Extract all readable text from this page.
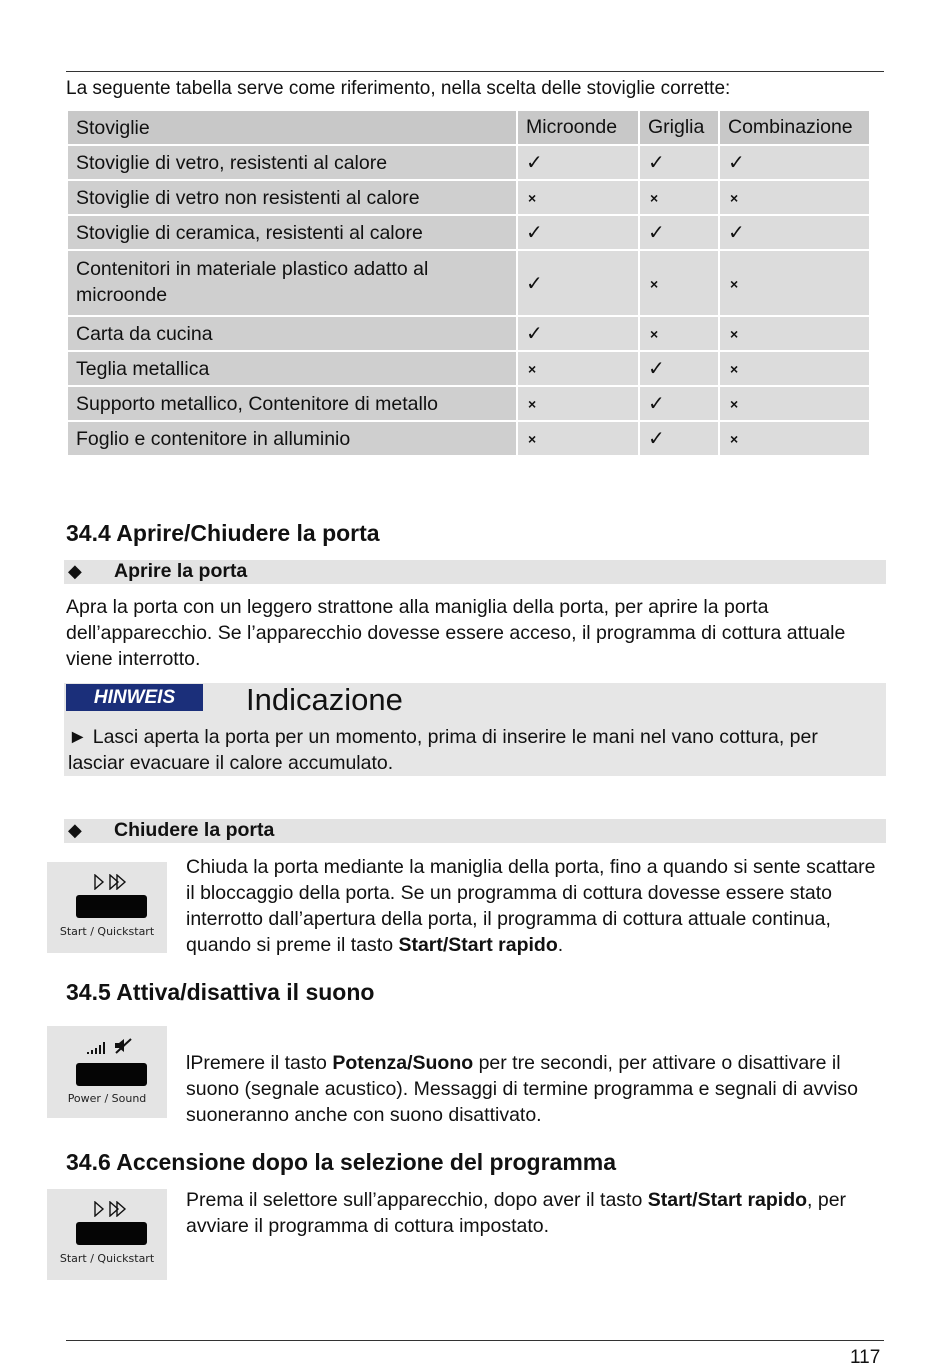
La seguente tabella serve come riferimento, nella scelta delle stoviglie corrette:
Stoviglie	Microonde	Griglia	Combinazione
Stoviglie di vetro, resistenti al calore	✓	✓	✓
Stoviglie di vetro non resistenti al calore	×	×	×
Stoviglie di ceramica, resistenti al calore	✓	✓	✓
Contenitori in materiale plastico adatto al microonde	✓	×	×
Carta da cucina	✓	×	×
Teglia metallica	×	✓	×
Supporto metallico, Contenitore di metallo	×	✓	×
Foglio e contenitore in alluminio	×	✓	×
34.4 Aprire/Chiudere la porta
◆ Aprire la porta
Apra la porta con un leggero strattone alla maniglia della porta, per aprire la porta dell’apparecchio. Se l’apparecchio dovesse essere acceso, il programma di cottura attuale viene interrotto.
HINWEIS	Indicazione
► Lasci aperta la porta per un momento, prima di inserire le mani nel vano cottura, per lasciar evacuare il calore accumulato.
◆ Chiudere la porta
Start / Quickstart
Chiuda la porta mediante la maniglia della porta, fino a quando si sente scattare il bloccaggio della porta. Se un programma di cottura dovesse essere stato interrotto dall’apertura della porta, il programma di cottura attuale continua, quando si preme il tasto Start/Start rapido.
34.5 Attiva/disattiva il suono
Power / Sound
lPremere il tasto Potenza/Suono per tre secondi, per attivare o disattivare il suono (segnale acustico). Messaggi di termine programma e segnali di avviso suoneranno anche con suono disattivato.
34.6 Accensione dopo la selezione del programma
Start / Quickstart
Prema il selettore sull’apparecchio, dopo aver il tasto Start/Start rapido, per avviare il programma di cottura impostato.
117
